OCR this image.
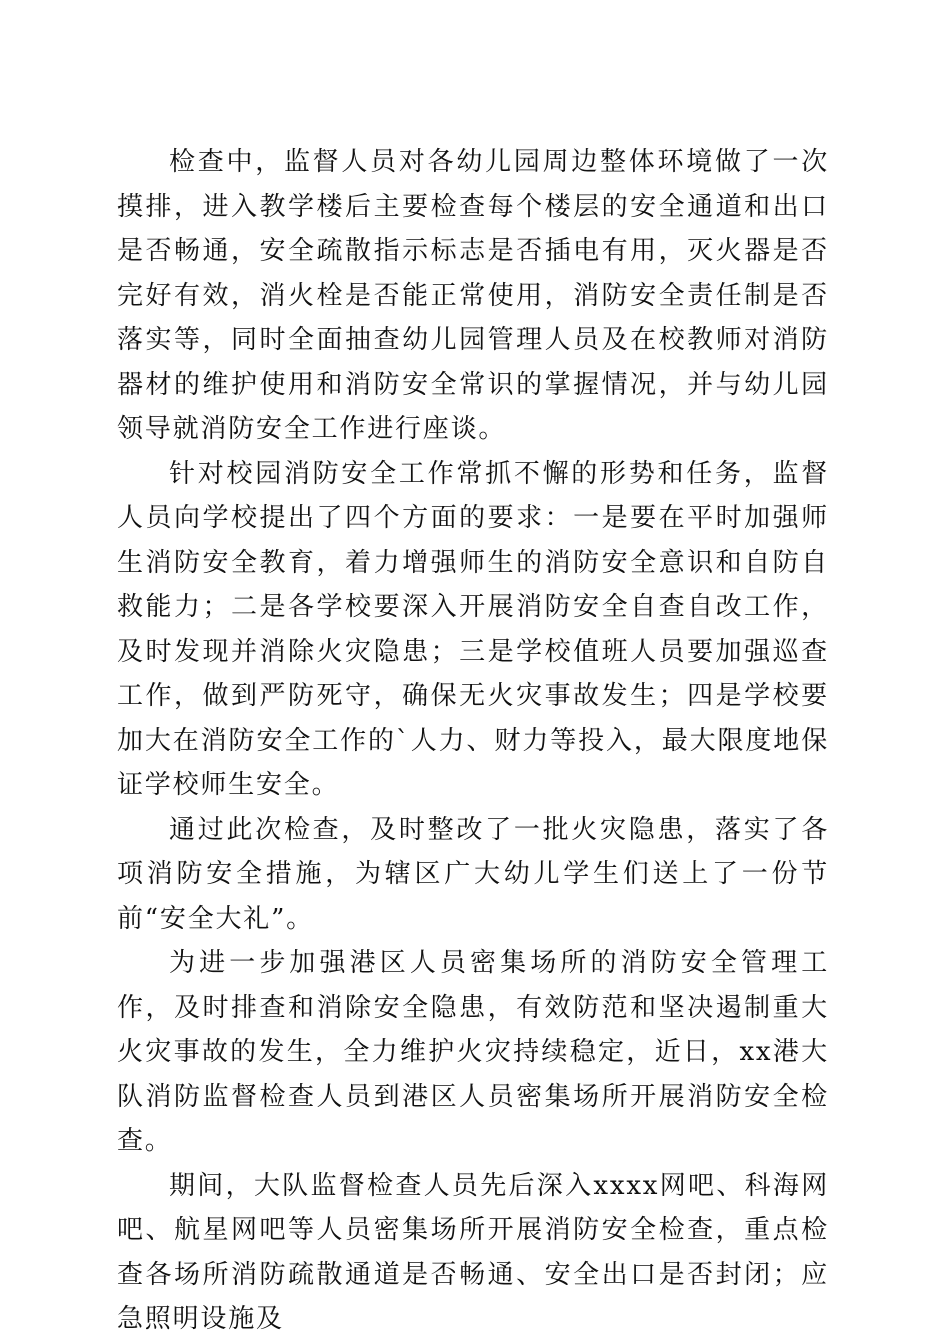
检查中，监督人员对各幼儿园周边整体环境做了一次摸排，进入教学楼后主要检查每个楼层的安全通道和出口是否畅通，安全疏散指示标志是否插电有用，灭火器是否完好有效，消火栓是否能正常使用，消防安全责任制是否落实等，同时全面抽查幼儿园管理人员及在校教师对消防器材的维护使用和消防安全常识的掌握情况，并与幼儿园领导就消防安全工作进行座谈。

针对校园消防安全工作常抓不懈的形势和任务，监督人员向学校提出了四个方面的要求：一是要在平时加强师生消防安全教育，着力增强师生的消防安全意识和自防自救能力；二是各学校要深入开展消防安全自查自改工作，及时发现并消除火灾隐患；三是学校值班人员要加强巡查工作，做到严防死守，确保无火灾事故发生；四是学校要加大在消防安全工作的`人力、财力等投入，最大限度地保证学校师生安全。

通过此次检查，及时整改了一批火灾隐患，落实了各项消防安全措施，为辖区广大幼儿学生们送上了一份节前“安全大礼”。

为进一步加强港区人员密集场所的消防安全管理工作，及时排查和消除安全隐患，有效防范和坚决遏制重大火灾事故的发生，全力维护火灾持续稳定，近日，xx港大队消防监督检查人员到港区人员密集场所开展消防安全检查。

期间，大队监督检查人员先后深入xxxx网吧、科海网吧、航星网吧等人员密集场所开展消防安全检查，重点检查各场所消防疏散通道是否畅通、安全出口是否封闭；应急照明设施及
